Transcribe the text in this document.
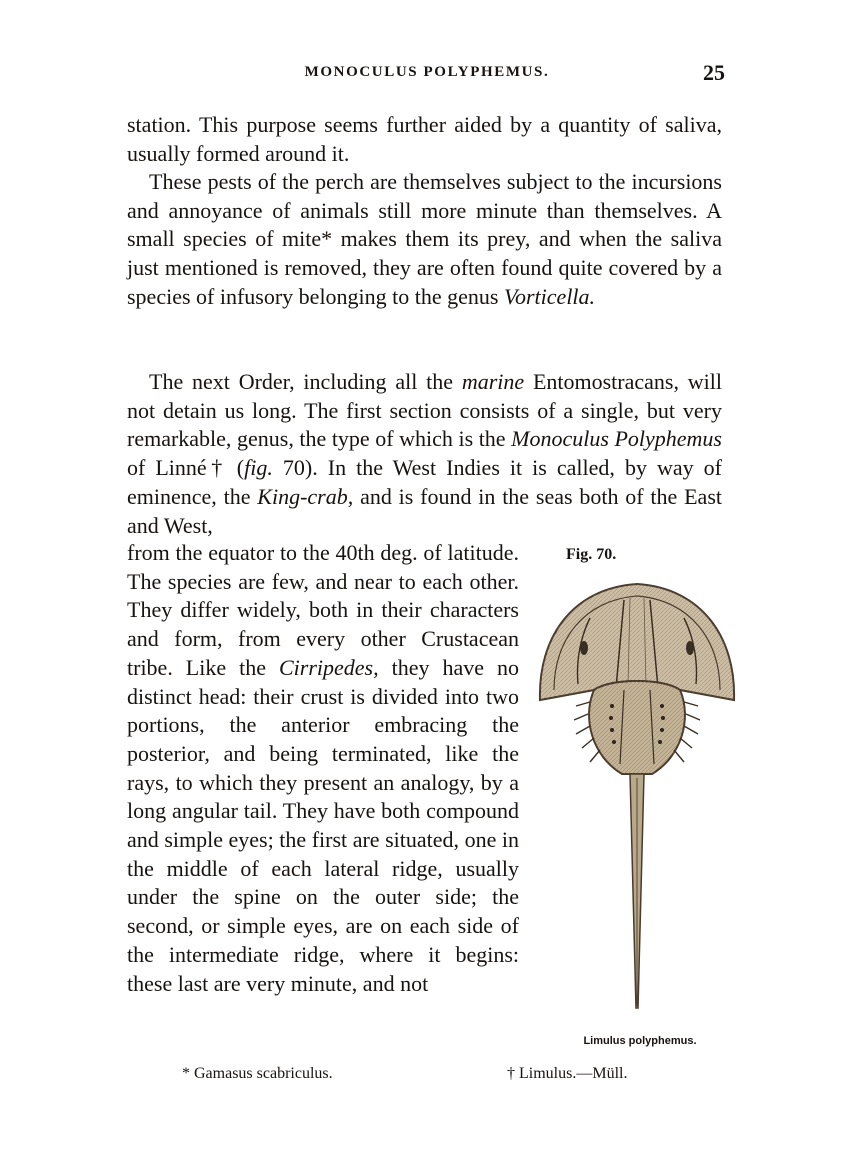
MONOCULUS POLYPHEMUS.	25

station. This purpose seems further aided by a quantity of saliva, usually formed around it.

These pests of the perch are themselves subject to the incursions and annoyance of animals still more minute than themselves. A small species of mite* makes them its prey, and when the saliva just mentioned is removed, they are often found quite covered by a species of infusory belonging to the genus Vorticella.

The next Order, including all the marine Entomostracans, will not detain us long. The first section consists of a single, but very remarkable, genus, the type of which is the Monoculus Polyphemus of Linné† (fig. 70). In the West Indies it is called, by way of eminence, the King-crab, and is found in the seas both of the East and West,

from the equator to the 40th deg. of latitude. The species are few, and near to each other. They differ widely, both in their characters and form, from every other Crustacean tribe. Like the Cirripedes, they have no distinct head: their crust is divided into two portions, the anterior embracing the posterior, and being terminated, like the rays, to which they present an analogy, by a long angular tail. They have both compound and simple eyes; the first are situated, one in the middle of each lateral ridge, usually under the spine on the outer side; the second, or simple eyes, are on each side of the intermediate ridge, where it begins: these last are very minute, and not

Fig. 70.
Limulus polyphemus.
* Gamasus scabriculus.	† Limulus.—Müll.
